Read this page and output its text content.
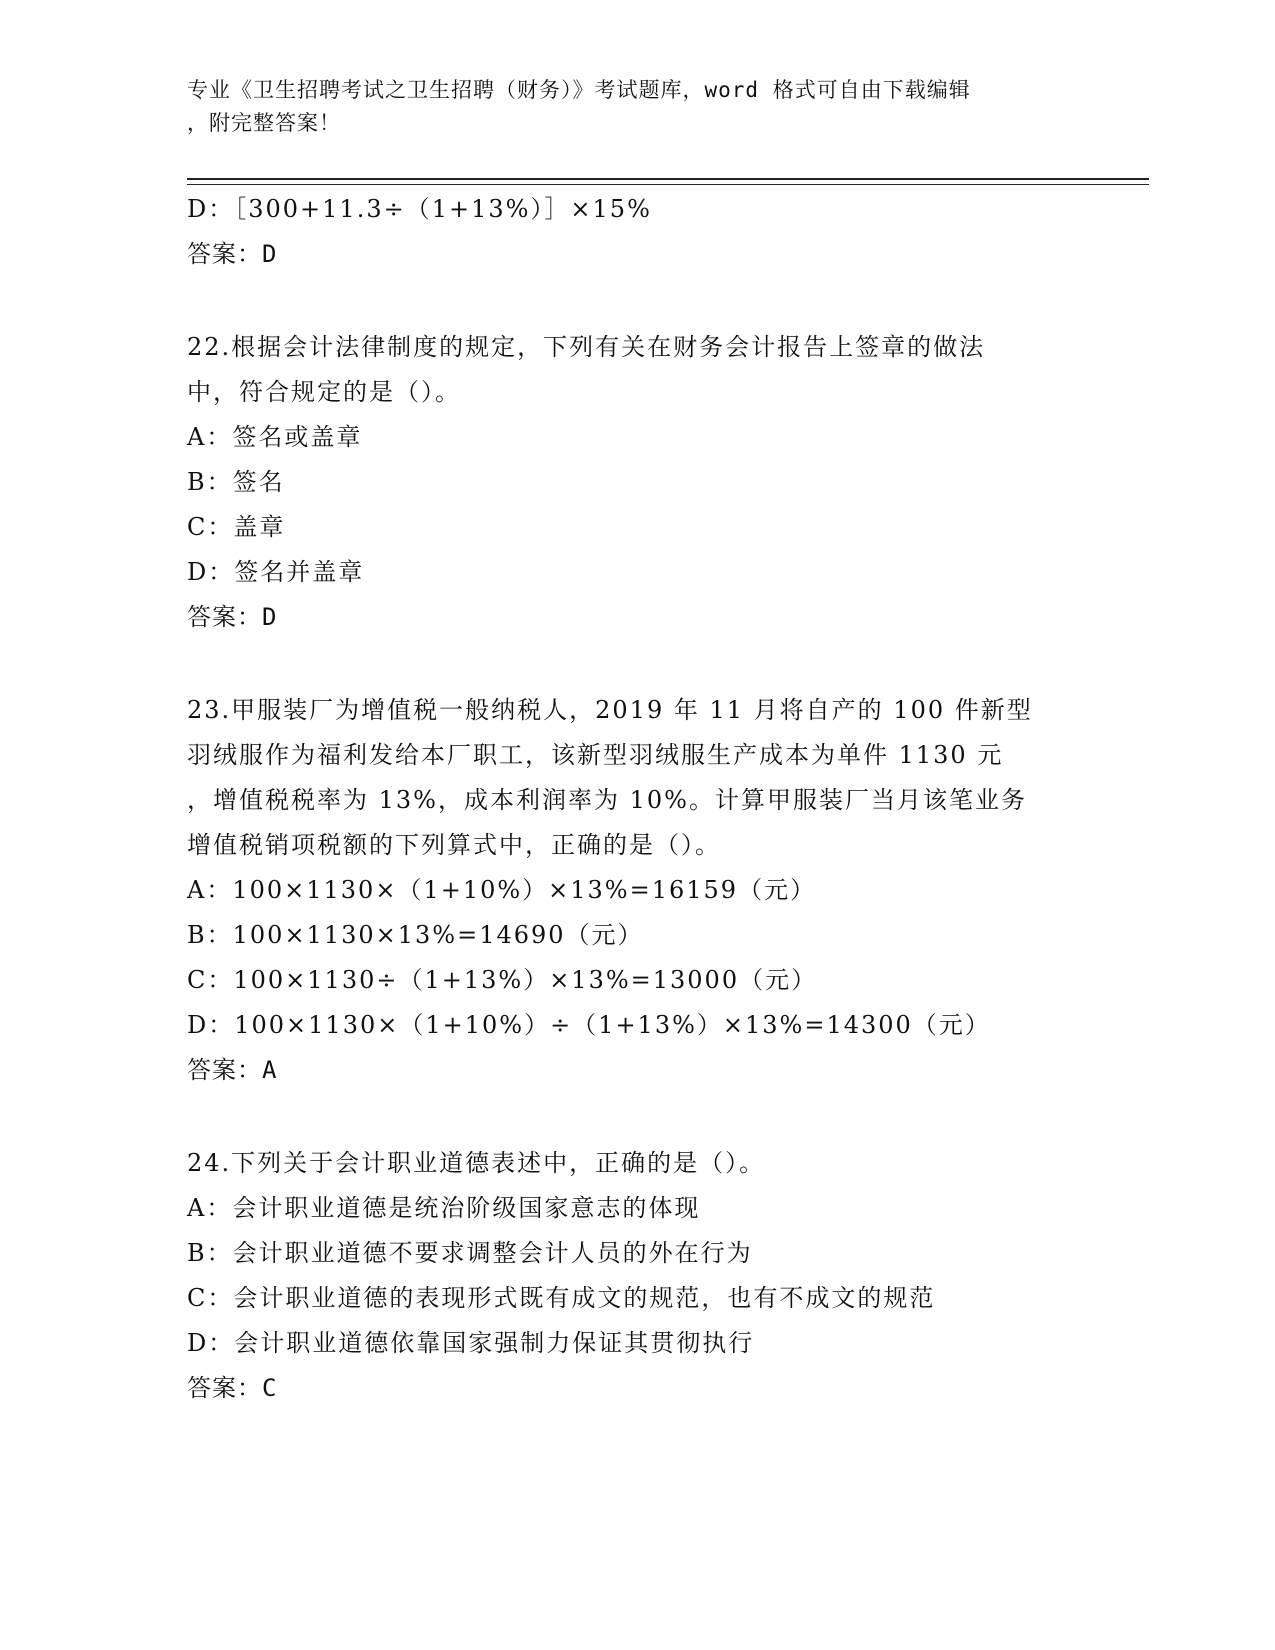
专业《卫生招聘考试之卫生招聘（财务）》考试题库，word 格式可自由下载编辑
，附完整答案！
D：［300+11.3÷（1+13%）］×15%
答案：D
22.根据会计法律制度的规定，下列有关在财务会计报告上签章的做法
中，符合规定的是（）。
A：签名或盖章
B：签名
C：盖章
D：签名并盖章
答案：D
23.甲服装厂为增值税一般纳税人，2019 年 11 月将自产的 100 件新型
羽绒服作为福利发给本厂职工，该新型羽绒服生产成本为单件 1130 元
，增值税税率为 13%，成本利润率为 10%。计算甲服装厂当月该笔业务
增值税销项税额的下列算式中，正确的是（）。
A：100×1130×（1+10%）×13%=16159（元）
B：100×1130×13%=14690（元）
C：100×1130÷（1+13%）×13%=13000（元）
D：100×1130×（1+10%）÷（1+13%）×13%=14300（元）
答案：A
24.下列关于会计职业道德表述中，正确的是（）。
A：会计职业道德是统治阶级国家意志的体现
B：会计职业道德不要求调整会计人员的外在行为
C：会计职业道德的表现形式既有成文的规范，也有不成文的规范
D：会计职业道德依靠国家强制力保证其贯彻执行
答案：C
